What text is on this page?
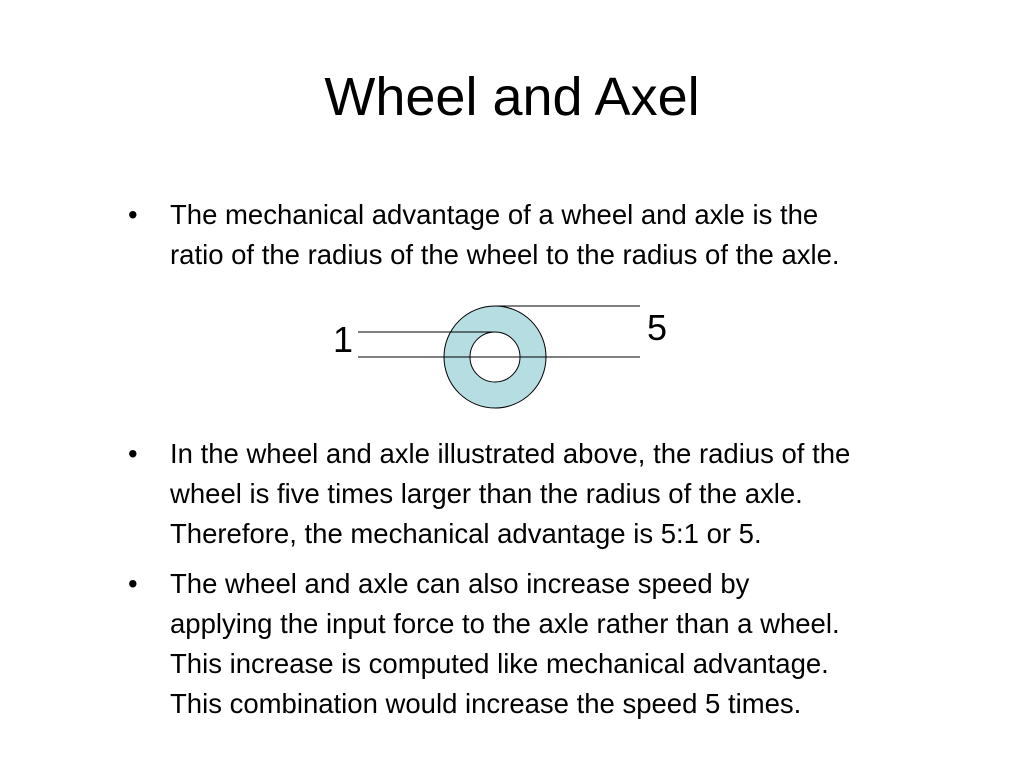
Wheel and Axel
• The mechanical advantage of a wheel and axle is the
ratio of the radius of the wheel to the radius of the axle.
1	5
• In the wheel and axle illustrated above, the radius of the
wheel is five times larger than the radius of the axle.
Therefore, the mechanical advantage is 5:1 or 5.
• The wheel and axle can also increase speed by
applying the input force to the axle rather than a wheel.
This increase is computed like mechanical advantage.
This combination would increase the speed 5 times.
